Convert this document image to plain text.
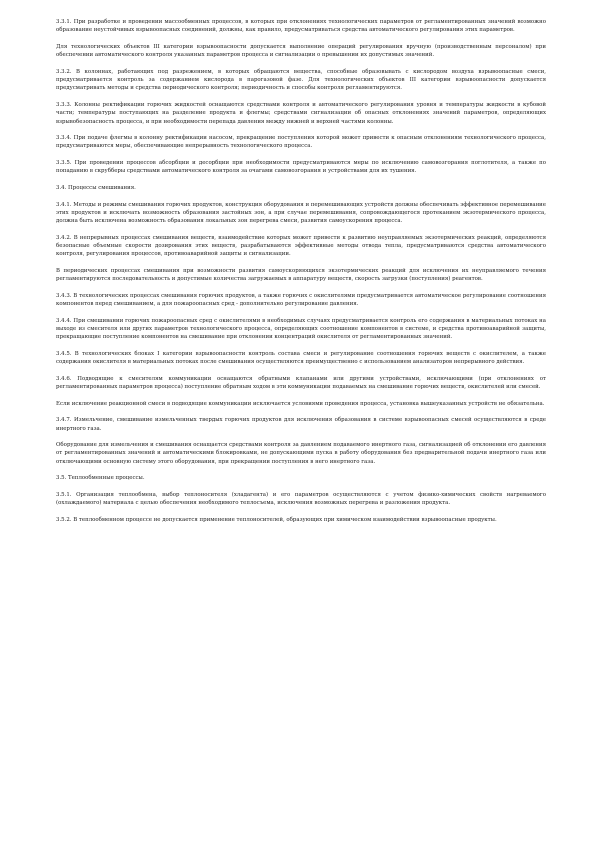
3.3.1. При разработке и проведении массообменных процессов, в которых при отклонениях технологических параметров от регламентированных значений возможно образование неустойчивых взрывоопасных соединений, должны, как правило, предусматриваться средства автоматического регулирования этих параметров.

Для технологических объектов III категории взрывоопасности допускается выполнение операций регулирования вручную (производственным персоналом) при обеспечении автоматического контроля указанных параметров процесса и сигнализации о превышении их допустимых значений.

3.3.2. В колоннах, работающих под разрежением, в которых обращаются вещества, способные образовывать с кислородом воздуха взрывоопасные смеси, предусматривается контроль за содержанием кислорода в парогазовой фазе. Для технологических объектов III категории взрывоопасности допускается предусматривать методы и средства периодического контроля; периодичность и способы контроля регламентируются.

3.3.3. Колонны ректификации горючих жидкостей оснащаются средствами контроля и автоматического регулирования уровня и температуры жидкости в кубовой части; температуры поступающих на разделение продукта и флегмы; средствами сигнализации об опасных отклонениях значений параметров, определяющих взрывобезопасность процесса, и при необходимости перепада давления между нижней и верхней частями колонны.

3.3.4. При подаче флегмы в колонну ректификации насосом, прекращение поступления которой может привести к опасным отклонениям технологического процесса, предусматриваются меры, обеспечивающие непрерывность технологического процесса.

3.3.5. При проведении процессов абсорбции и десорбции при необходимости предусматриваются меры по исключению самовозгорания поглотителя, а также по попаданию в скрубберы средствами автоматического контроля за очагами самовозгорания и устройствами для их тушения.

3.4. Процессы смешивания.

3.4.1. Методы и режимы смешивания горючих продуктов, конструкция оборудования и перемешивающих устройств должны обеспечивать эффективное перемешивание этих продуктов и исключать возможность образования застойных зон, а при случае перемешивания, сопровождающегося протеканием экзотермического процесса, должна быть исключена возможность образования локальных зон перегрева смеси, развития самоускорения процесса.

3.4.2. В непрерывных процессах смешивания веществ, взаимодействие которых может привести к развитию неуправляемых экзотермических реакций, определяются безопасные объемные скорости дозирования этих веществ, разрабатываются эффективные методы отвода тепла, предусматриваются средства автоматического контроля, регулирования процессов, противоаварийной защиты и сигнализации.

В периодических процессах смешивания при возможности развития самоускоряющихся экзотермических реакций для исключения их неуправляемого течения регламентируются последовательность и допустимые количества загружаемых в аппаратуру веществ, скорость загрузки (поступления) реагентов.

3.4.3. В технологических процессах смешивания горючих продуктов, а также горючих с окислителями предусматривается автоматическое регулирование соотношения компонентов перед смешиванием, а для пожароопасных сред - дополнительно регулирование давления.

3.4.4. При смешивании горючих пожароопасных сред с окислителями в необходимых случаях предусматривается контроль его содержания в материальных потоках на выходе из смесителя или других параметров технологического процесса, определяющих соотношение компонентов в системе, и средства противоаварийной защиты, прекращающие поступление компонентов на смешивание при отклонении концентраций окислителя от регламентированных значений.

3.4.5. В технологических блоках I категории взрывоопасности контроль состава смеси и регулирование соотношения горючих веществ с окислителем, а также содержания окислителя в материальных потоках после смешивания осуществляются преимущественно с использованием анализаторов непрерывного действия.

3.4.6. Подводящие к смесителям коммуникации оснащаются обратными клапанами или другими устройствами, исключающими (при отклонениях от регламентированных параметров процесса) поступление обратным ходом в эти коммуникации подаваемых на смешивание горючих веществ, окислителей или смесей.

Если исключение реакционной смеси в подводящие коммуникации исключается условиями проведения процесса, установка вышеуказанных устройств не обязательна.

3.4.7. Измельчение, смешивание измельченных твердых горючих продуктов для исключения образования в системе взрывоопасных смесей осуществляются в среде инертного газа.

Оборудование для измельчения и смешивания оснащается средствами контроля за давлением подаваемого инертного газа, сигнализацией об отклонении его давления от регламентированных значений и автоматическими блокировками, не допускающими пуска в работу оборудования без предварительной подачи инертного газа или отключающими основную систему этого оборудования, при прекращении поступления в него инертного газа.

3.5. Теплообменные процессы.

3.5.1. Организация теплообмена, выбор теплоносителя (хладагента) и его параметров осуществляются с учетом физико-химических свойств нагреваемого (охлаждаемого) материала с целью обеспечения необходимого теплосъема, исключения возможных перегрева и разложения продукта.

3.5.2. В теплообменном процессе не допускается применение теплоносителей, образующих при химическом взаимодействии взрывоопасные продукты.
